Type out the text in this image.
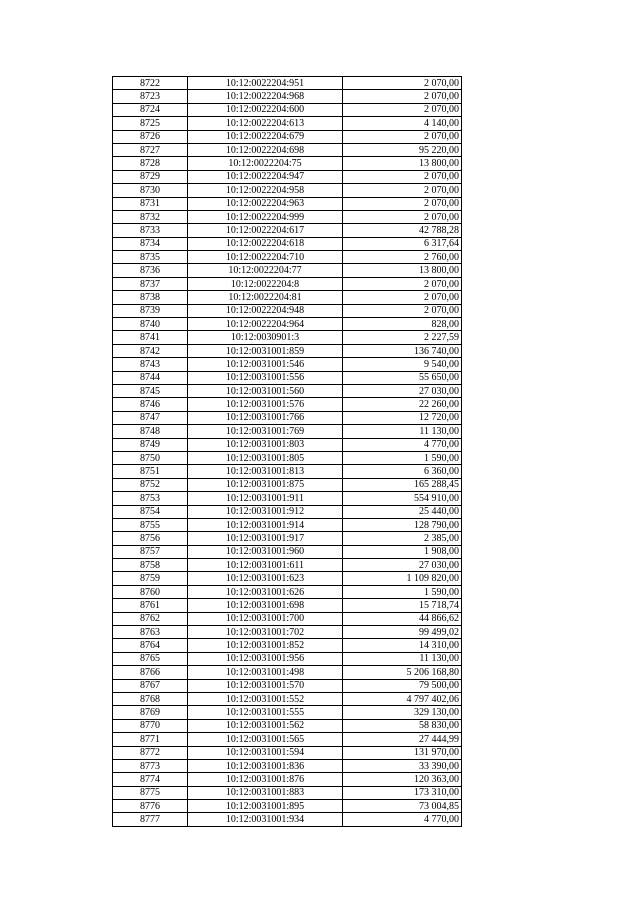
8722	10:12:0022204:951	2 070,00
8723	10:12:0022204:968	2 070,00
8724	10:12:0022204:600	2 070,00
8725	10:12:0022204:613	4 140,00
8726	10:12:0022204:679	2 070,00
8727	10:12:0022204:698	95 220,00
8728	10:12:0022204:75	13 800,00
8729	10:12:0022204:947	2 070,00
8730	10:12:0022204:958	2 070,00
8731	10:12:0022204:963	2 070,00
8732	10:12:0022204:999	2 070,00
8733	10:12:0022204:617	42 788,28
8734	10:12:0022204:618	6 317,64
8735	10:12:0022204:710	2 760,00
8736	10:12:0022204:77	13 800,00
8737	10:12:0022204:8	2 070,00
8738	10:12:0022204:81	2 070,00
8739	10:12:0022204:948	2 070,00
8740	10:12:0022204:964	828,00
8741	10:12:0030901:3	2 227,59
8742	10:12:0031001:859	136 740,00
8743	10:12:0031001:546	9 540,00
8744	10:12:0031001:556	55 650,00
8745	10:12:0031001:560	27 030,00
8746	10:12:0031001:576	22 260,00
8747	10:12:0031001:766	12 720,00
8748	10:12:0031001:769	11 130,00
8749	10:12:0031001:803	4 770,00
8750	10:12:0031001:805	1 590,00
8751	10:12:0031001:813	6 360,00
8752	10:12:0031001:875	165 288,45
8753	10:12:0031001:911	554 910,00
8754	10:12:0031001:912	25 440,00
8755	10:12:0031001:914	128 790,00
8756	10:12:0031001:917	2 385,00
8757	10:12:0031001:960	1 908,00
8758	10:12:0031001:611	27 030,00
8759	10:12:0031001:623	1 109 820,00
8760	10:12:0031001:626	1 590,00
8761	10:12:0031001:698	15 718,74
8762	10:12:0031001:700	44 866,62
8763	10:12:0031001:702	99 499,02
8764	10:12:0031001:852	14 310,00
8765	10:12:0031001:956	11 130,00
8766	10:12:0031001:498	5 206 168,80
8767	10:12:0031001:570	79 500,00
8768	10:12:0031001:552	4 797 402,06
8769	10:12:0031001:555	329 130,00
8770	10:12:0031001:562	58 830,00
8771	10:12:0031001:565	27 444,99
8772	10:12:0031001:594	131 970,00
8773	10:12:0031001:836	33 390,00
8774	10:12:0031001:876	120 363,00
8775	10:12:0031001:883	173 310,00
8776	10:12:0031001:895	73 004,85
8777	10:12:0031001:934	4 770,00
